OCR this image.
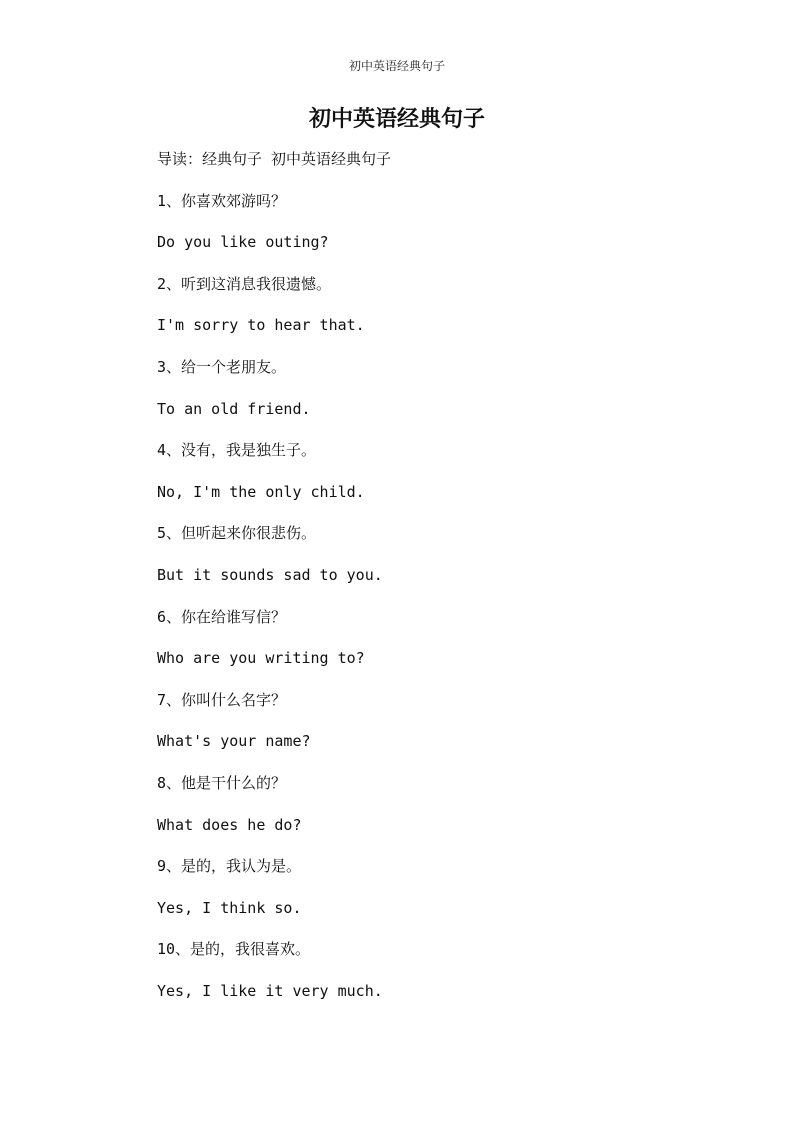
初中英语经典句子
初中英语经典句子
导读：经典句子 初中英语经典句子
1、你喜欢郊游吗？
Do you like outing?
2、听到这消息我很遗憾。
I'm sorry to hear that.
3、给一个老朋友。
To an old friend.
4、没有，我是独生子。
No, I'm the only child.
5、但听起来你很悲伤。
But it sounds sad to you.
6、你在给谁写信？
Who are you writing to?
7、你叫什么名字？
What's your name?
8、他是干什么的？
What does he do?
9、是的，我认为是。
Yes, I think so.
10、是的，我很喜欢。
Yes, I like it very much.
